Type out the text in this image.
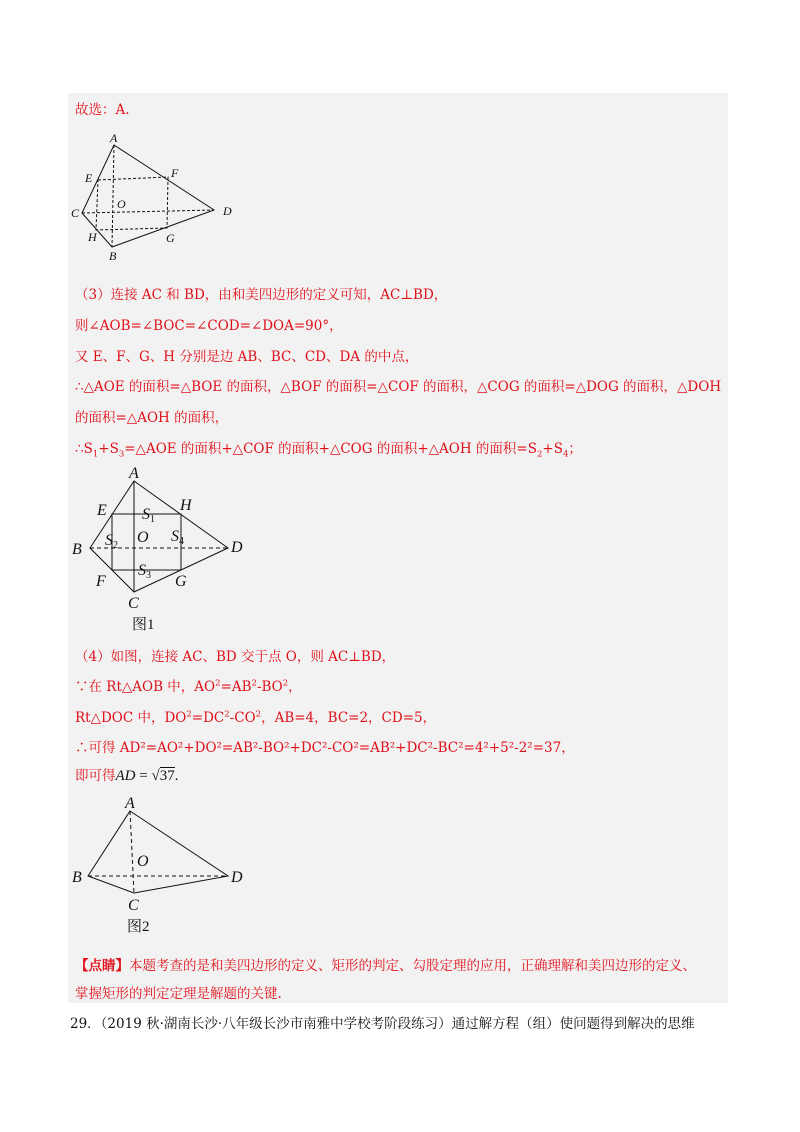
故选：A.
A
E	F
C
O	D
H	G
B
（3）连接 AC 和 BD，由和美四边形的定义可知，AC⊥BD，
则∠AOB=∠BOC=∠COD=∠DOA=90°，
又 E、F、G、H 分别是边 AB、BC、CD、DA 的中点，
∴△AOE 的面积=△BOE 的面积，△BOF 的面积=△COF 的面积，△COG 的面积=△DOG 的面积，△DOH
的面积=△AOH 的面积，
$\therefore S_1+S_3=\triangle AOE$ 的面积+△COF 的面积+△COG 的面积+△AOH 的面积$=S_2+S_4$；
A
E	H
S1
B
S2 O S4	D
F
S3 G
C
图1
（4）如图，连接 AC、BD 交于点 O，则 AC⊥BD，
∵在 Rt△AOB 中，$AO^2=AB^2-BO^2$，
Rt△DOC 中，$DO^2=DC^2-CO^2$，AB=4，BC=2，CD=5，
∴可得 AD²=AO²+DO²=AB²-BO²+DC²-CO²=AB²+DC²-BC²=4²+5²-2²=37，
即可得AD = √37.
A
O
B	D
C
图2
【点睛】本题考查的是和美四边形的定义、矩形的判定、勾股定理的应用，正确理解和美四边形的定义、
掌握矩形的判定定理是解题的关键.
29．（2019 秋·湖南长沙·八年级长沙市南雅中学校考阶段练习）通过解方程（组）使问题得到解决的思维
